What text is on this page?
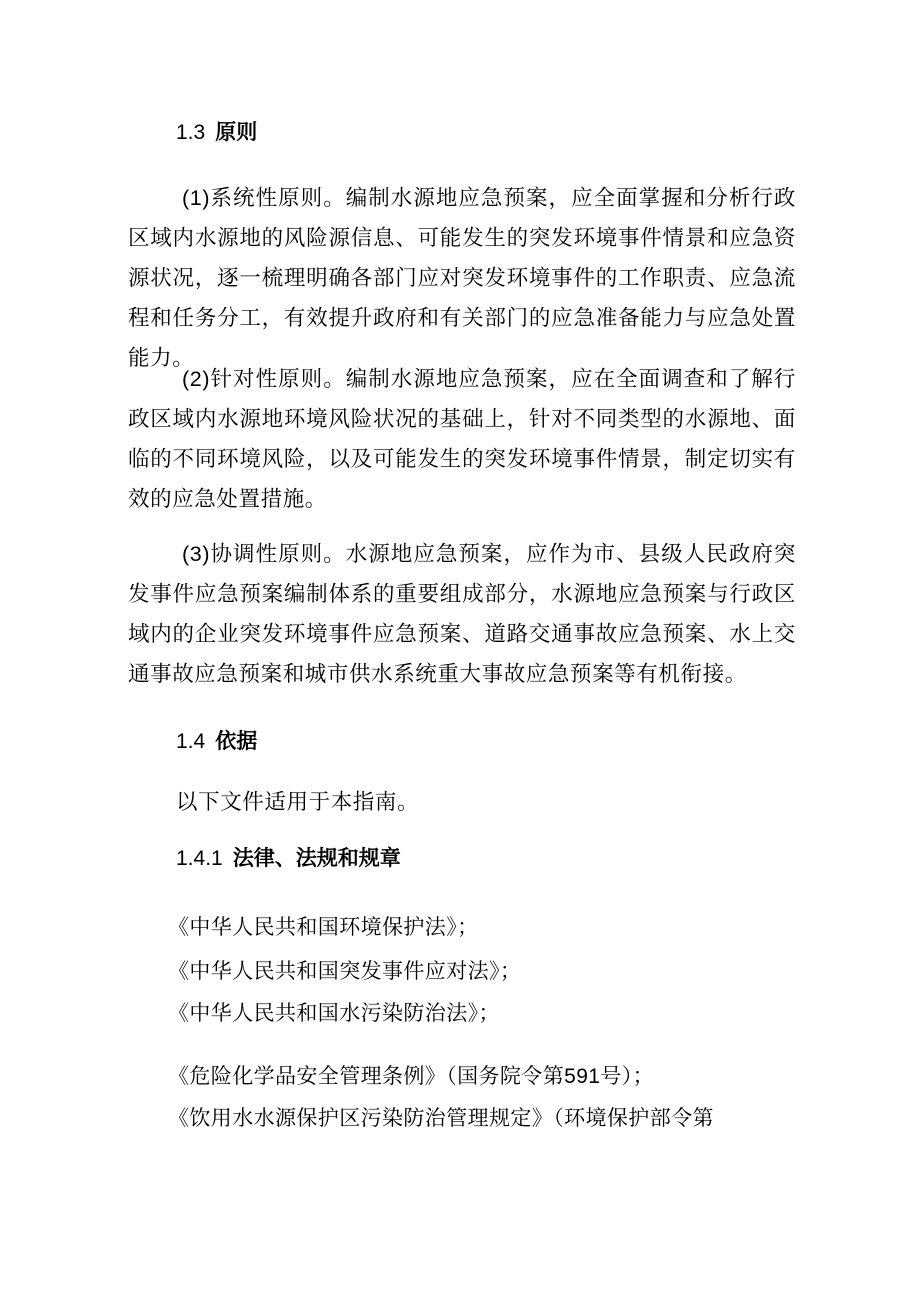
1.3 原则

(1)系统性原则。编制水源地应急预案，应全面掌握和分析行政区域内水源地的风险源信息、可能发生的突发环境事件情景和应急资源状况，逐一梳理明确各部门应对突发环境事件的工作职责、应急流程和任务分工，有效提升政府和有关部门的应急准备能力与应急处置能力。

(2)针对性原则。编制水源地应急预案，应在全面调查和了解行政区域内水源地环境风险状况的基础上，针对不同类型的水源地、面临的不同环境风险，以及可能发生的突发环境事件情景，制定切实有效的应急处置措施。

(3)协调性原则。水源地应急预案，应作为市、县级人民政府突发事件应急预案编制体系的重要组成部分，水源地应急预案与行政区域内的企业突发环境事件应急预案、道路交通事故应急预案、水上交通事故应急预案和城市供水系统重大事故应急预案等有机衔接。

1.4 依据

以下文件适用于本指南。

1.4.1 法律、法规和规章

《中华人民共和国环境保护法》；

《中华人民共和国突发事件应对法》；

《中华人民共和国水污染防治法》；

《危险化学品安全管理条例》（国务院令第591号）；

《饮用水水源保护区污染防治管理规定》（环境保护部令第
